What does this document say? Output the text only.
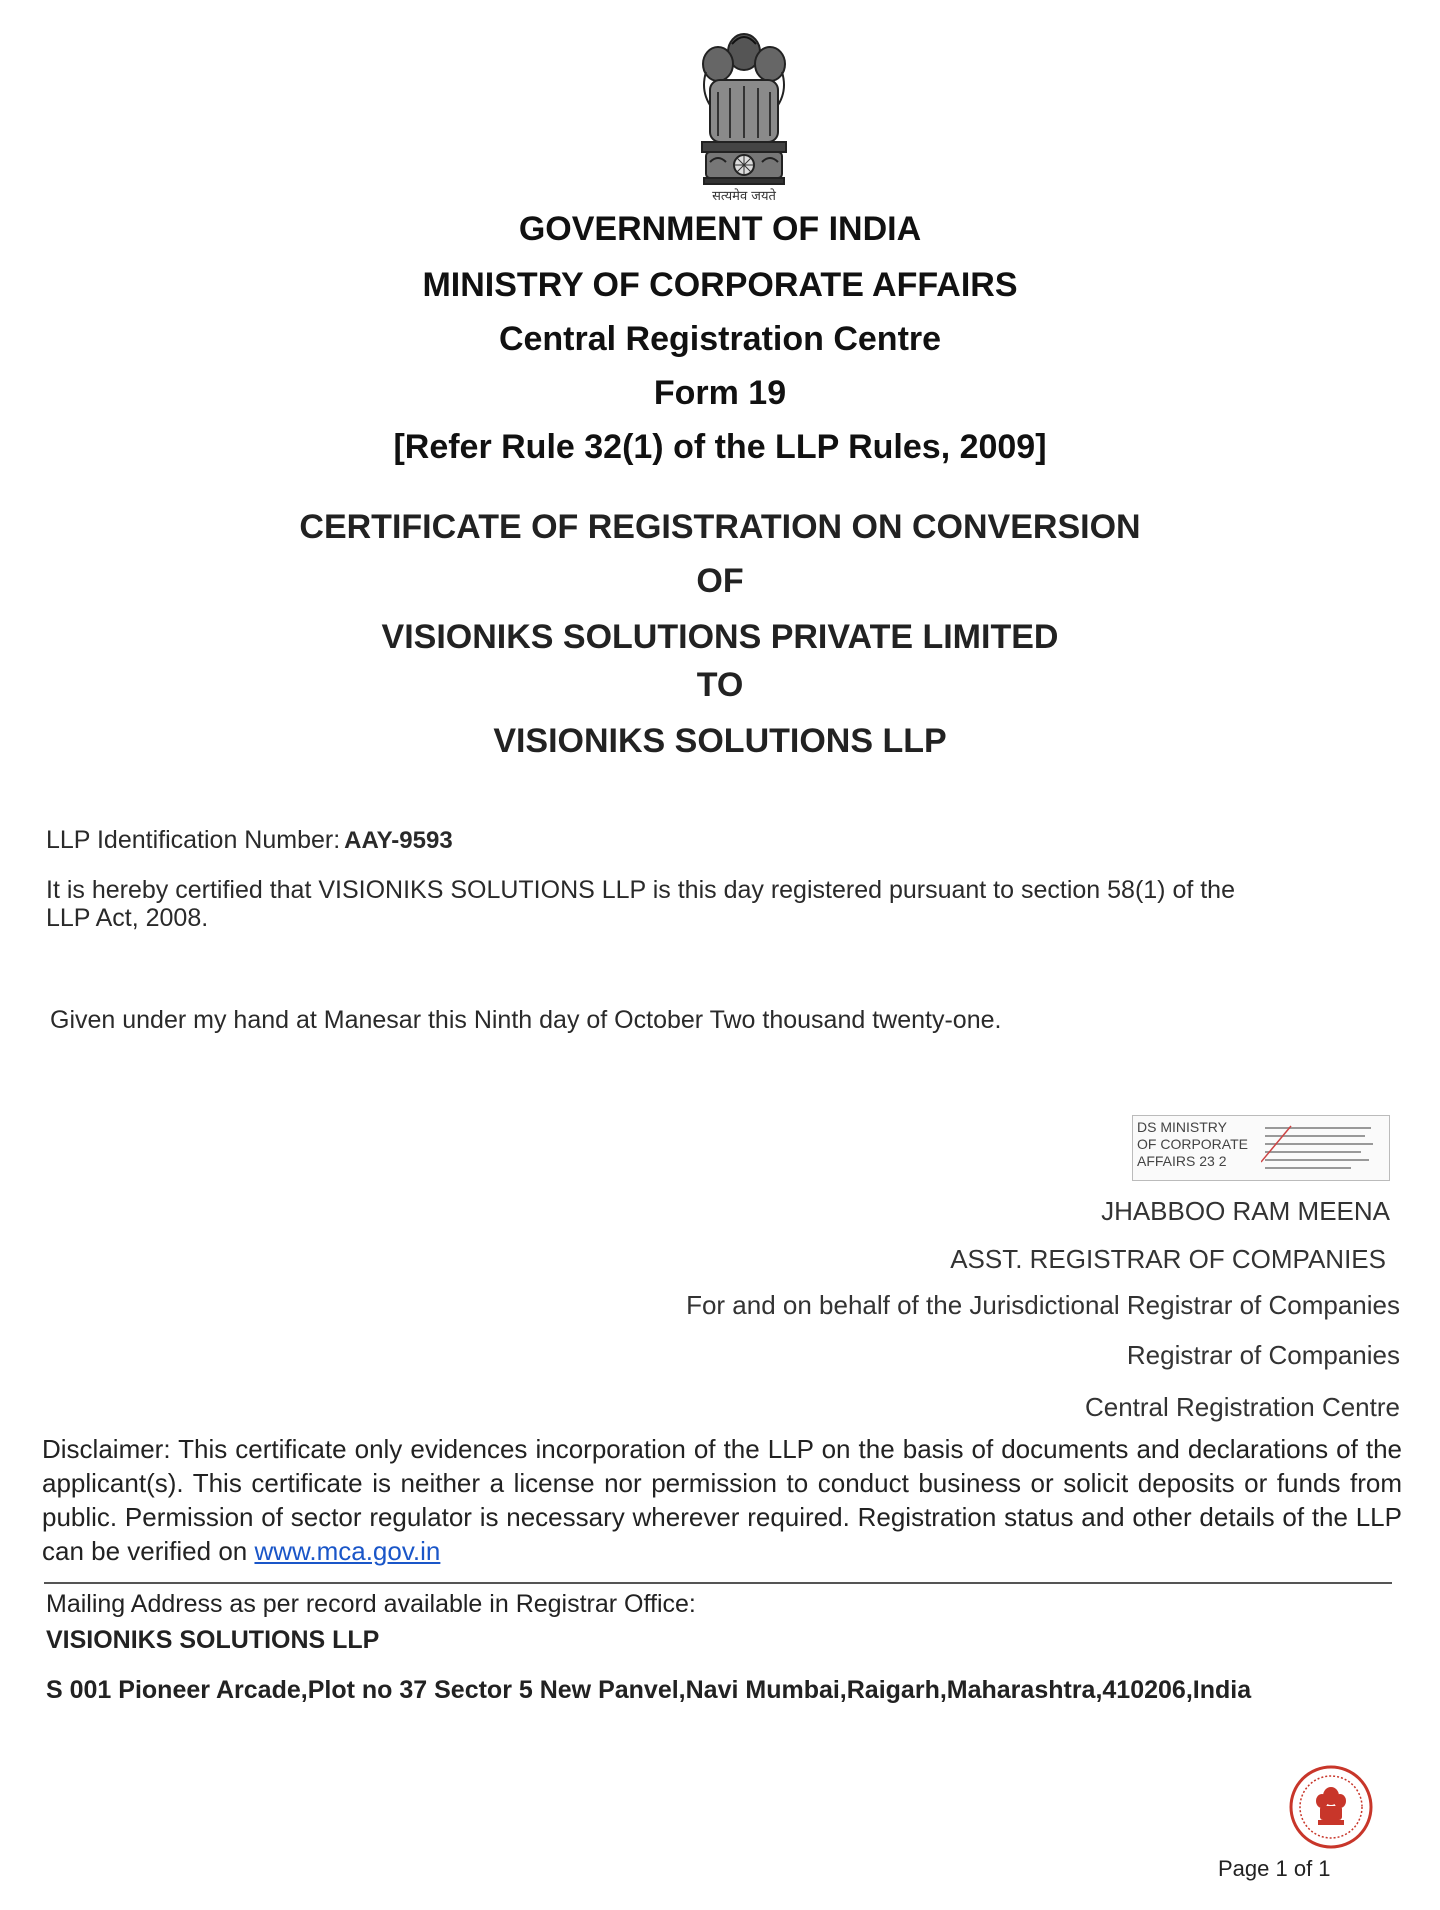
सत्यमेव जयते
GOVERNMENT OF INDIA
MINISTRY OF CORPORATE AFFAIRS
Central Registration Centre
Form 19
[Refer Rule 32(1) of the LLP Rules, 2009]
CERTIFICATE OF REGISTRATION ON CONVERSION
OF
VISIONIKS SOLUTIONS PRIVATE LIMITED
TO
VISIONIKS SOLUTIONS LLP
LLP Identification Number: AAY-9593
It is hereby certified that VISIONIKS SOLUTIONS LLP is this day registered pursuant to section 58(1) of the
LLP Act, 2008.
Given under my hand at Manesar this Ninth day of October Two thousand twenty-one.
DS MINISTRY
OF CORPORATE
AFFAIRS 23 2
JHABBOO RAM MEENA
ASST. REGISTRAR OF COMPANIES
For and on behalf of the Jurisdictional Registrar of Companies
Registrar of Companies
Central Registration Centre
Disclaimer: This certificate only evidences incorporation of the LLP on the basis of documents and declarations of the applicant(s). This certificate is neither a license nor permission to conduct business or solicit deposits or funds from public. Permission of sector regulator is necessary wherever required. Registration status and other details of the LLP can be verified on www.mca.gov.in
Mailing Address as per record available in Registrar Office:
VISIONIKS SOLUTIONS LLP
S 001 Pioneer Arcade,Plot no 37 Sector 5 New Panvel,Navi Mumbai,Raigarh,Maharashtra,410206,India
Page 1 of 1
